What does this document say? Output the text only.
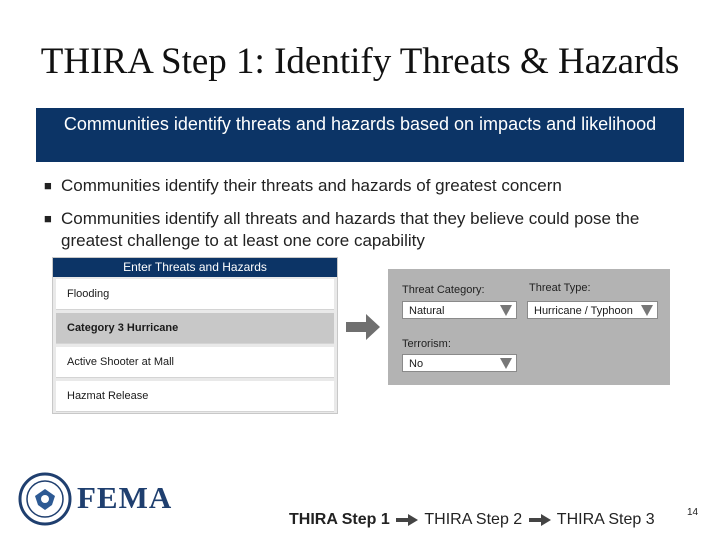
THIRA Step 1: Identify Threats & Hazards
Communities identify threats and hazards based on impacts and likelihood
■ Communities identify their threats and hazards of greatest concern
■ Communities identify all threats and hazards that they believe could pose the greatest challenge to at least one core capability
Enter Threats and Hazards
Flooding
Category 3 Hurricane
Active Shooter at Mall
Hazmat Release
Threat Category:	Threat Type:
Natural	Hurricane / Typhoon
Terrorism:
No
FEMA
THIRA Step 1 THIRA Step 2 THIRA Step 3	14
